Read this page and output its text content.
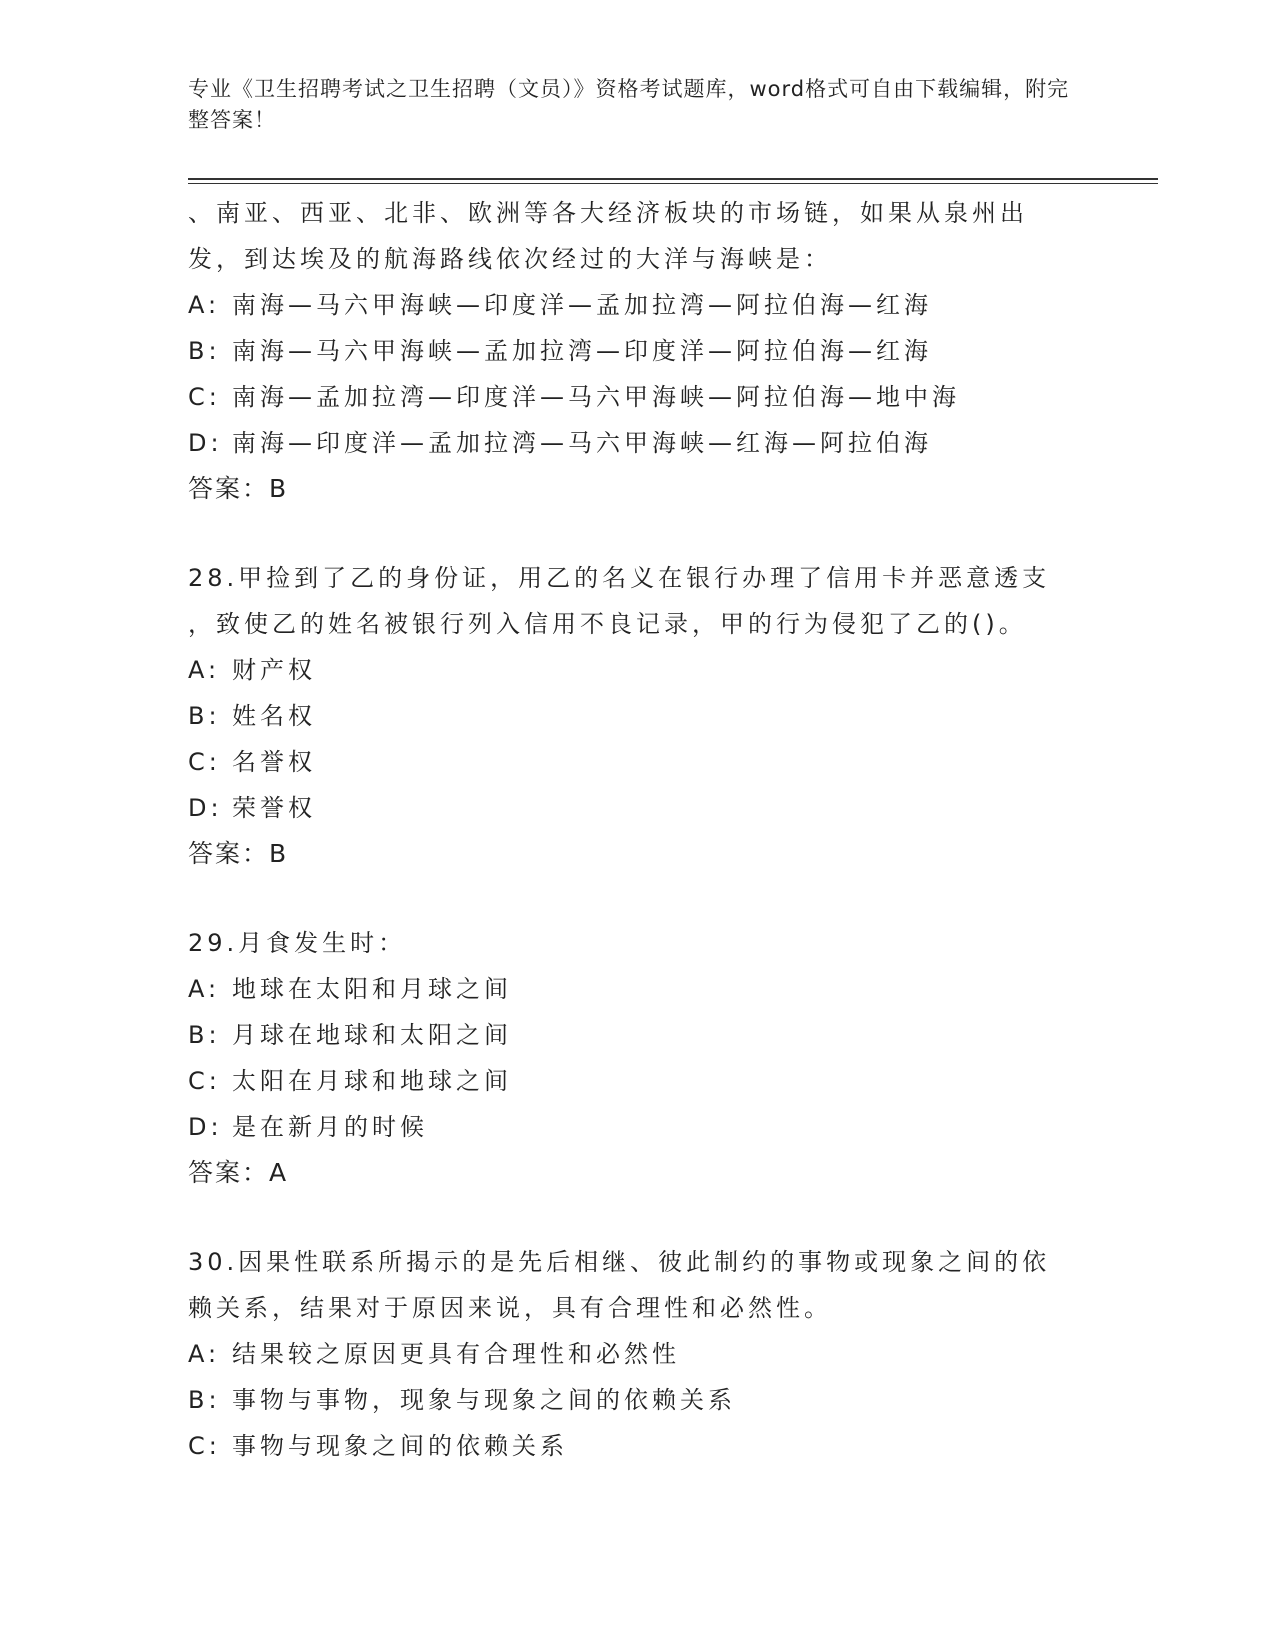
专业《卫生招聘考试之卫生招聘（文员）》资格考试题库，word格式可自由下载编辑，附完整答案！
、南亚、西亚、北非、欧洲等各大经济板块的市场链，如果从泉州出
发，到达埃及的航海路线依次经过的大洋与海峡是：
A: 南海—马六甲海峡—印度洋—孟加拉湾—阿拉伯海—红海
B: 南海—马六甲海峡—孟加拉湾—印度洋—阿拉伯海—红海
C: 南海—孟加拉湾—印度洋—马六甲海峡—阿拉伯海—地中海
D: 南海—印度洋—孟加拉湾—马六甲海峡—红海—阿拉伯海
答案：B
28.甲捡到了乙的身份证，用乙的名义在银行办理了信用卡并恶意透支
，致使乙的姓名被银行列入信用不良记录，甲的行为侵犯了乙的()。
A: 财产权
B: 姓名权
C: 名誉权
D: 荣誉权
答案：B
29.月食发生时：
A: 地球在太阳和月球之间
B: 月球在地球和太阳之间
C: 太阳在月球和地球之间
D: 是在新月的时候
答案：A
30.因果性联系所揭示的是先后相继、彼此制约的事物或现象之间的依
赖关系，结果对于原因来说，具有合理性和必然性。
A: 结果较之原因更具有合理性和必然性
B: 事物与事物，现象与现象之间的依赖关系
C: 事物与现象之间的依赖关系
